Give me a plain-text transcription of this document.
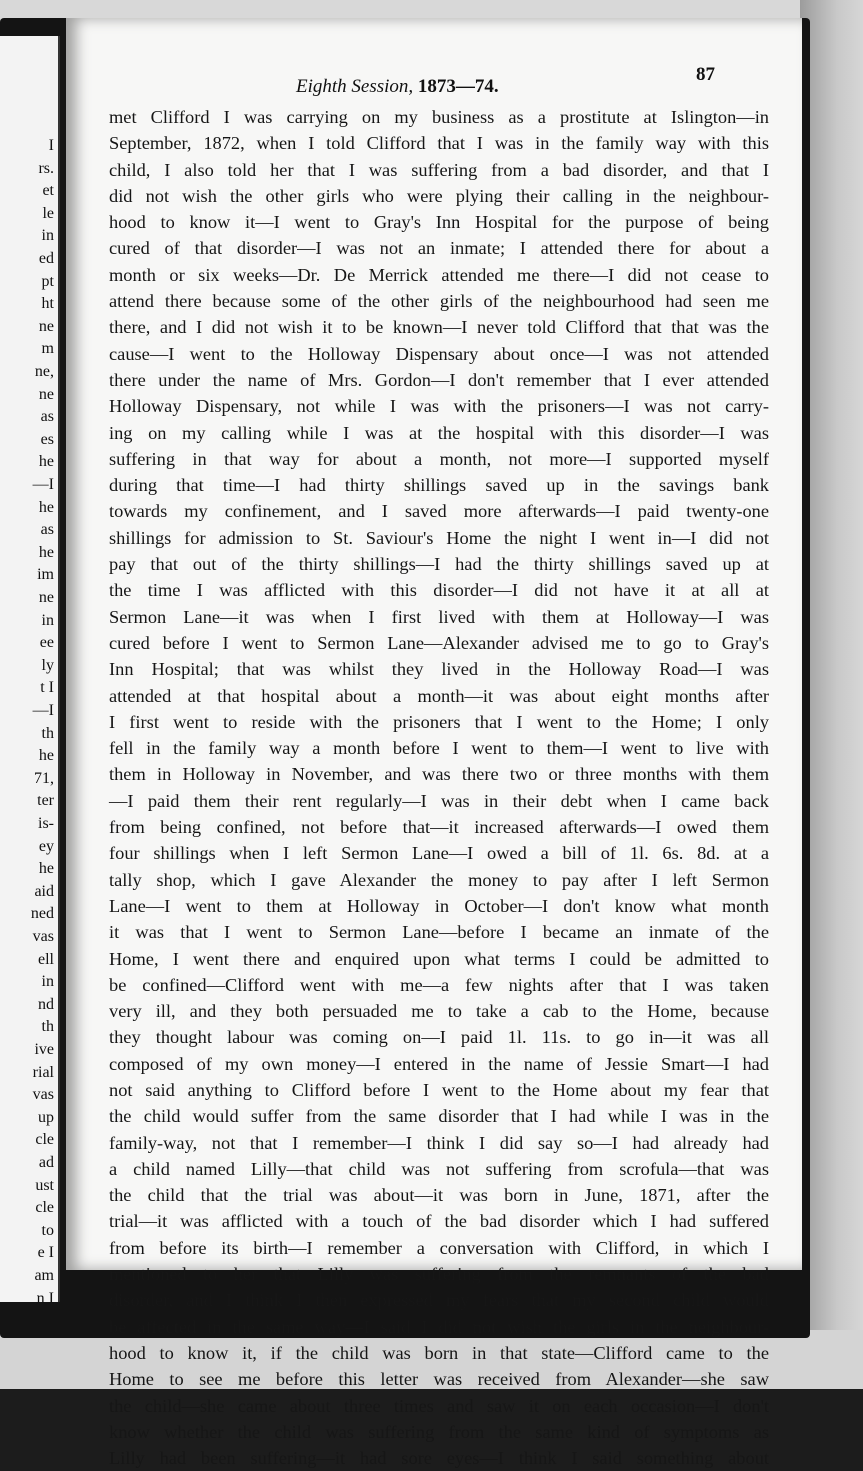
I
rs.
et
le
in
ed
pt
ht
ne
m
ne,
ne
as
es
he
—I
he
as
he
im
ne
in
ee
ly
t I
—I
th
he
71,
ter
is-
ey
he
aid
ned
vas
ell
in
nd
th
ive
rial
vas
up
cle
ad
ust
cle
to
e I
am
n I
Eighth Session, 1873—74.
87
met Clifford I was carrying on my business as a prostitute at Islington—in
September, 1872, when I told Clifford that I was in the family way with this
child, I also told her that I was suffering from a bad disorder, and that I
did not wish the other girls who were plying their calling in the neighbour-
hood to know it—I went to Gray's Inn Hospital for the purpose of being
cured of that disorder—I was not an inmate; I attended there for about a
month or six weeks—Dr. De Merrick attended me there—I did not cease to
attend there because some of the other girls of the neighbourhood had seen me
there, and I did not wish it to be known—I never told Clifford that that was the
cause—I went to the Holloway Dispensary about once—I was not attended
there under the name of Mrs. Gordon—I don't remember that I ever attended
Holloway Dispensary, not while I was with the prisoners—I was not carry-
ing on my calling while I was at the hospital with this disorder—I was
suffering in that way for about a month, not more—I supported myself
during that time—I had thirty shillings saved up in the savings bank
towards my confinement, and I saved more afterwards—I paid twenty-one
shillings for admission to St. Saviour's Home the night I went in—I did not
pay that out of the thirty shillings—I had the thirty shillings saved up at
the time I was afflicted with this disorder—I did not have it at all at
Sermon Lane—it was when I first lived with them at Holloway—I was
cured before I went to Sermon Lane—Alexander advised me to go to Gray's
Inn Hospital; that was whilst they lived in the Holloway Road—I was
attended at that hospital about a month—it was about eight months after
I first went to reside with the prisoners that I went to the Home; I only
fell in the family way a month before I went to them—I went to live with
them in Holloway in November, and was there two or three months with them
—I paid them their rent regularly—I was in their debt when I came back
from being confined, not before that—it increased afterwards—I owed them
four shillings when I left Sermon Lane—I owed a bill of 1l. 6s. 8d. at a
tally shop, which I gave Alexander the money to pay after I left Sermon
Lane—I went to them at Holloway in October—I don't know what month
it was that I went to Sermon Lane—before I became an inmate of the
Home, I went there and enquired upon what terms I could be admitted to
be confined—Clifford went with me—a few nights after that I was taken
very ill, and they both persuaded me to take a cab to the Home, because
they thought labour was coming on—I paid 1l. 11s. to go in—it was all
composed of my own money—I entered in the name of Jessie Smart—I had
not said anything to Clifford before I went to the Home about my fear that
the child would suffer from the same disorder that I had while I was in the
family-way, not that I remember—I think I did say so—I had already had
a child named Lilly—that child was not suffering from scrofula—that was
the child that the trial was about—it was born in June, 1871, after the
trial—it was afflicted with a touch of the bad disorder which I had suffered
from before its birth—I remember a conversation with Clifford, in which I
mentioned to her that Lilly was suffering from the remnants of the bad
disorder, and I think I then expressed my fears that my second child would
be affected in the same way—I said I did not wish the girls in the neighbour-
hood to know it, if the child was born in that state—Clifford came to the
Home to see me before this letter was received from Alexander—she saw
the child—she came about three times and saw it on each occasion—I don't
know whether the child was suffering from the same kind of symptoms as
Lilly had been suffering—it had sore eyes—I think I said something about
